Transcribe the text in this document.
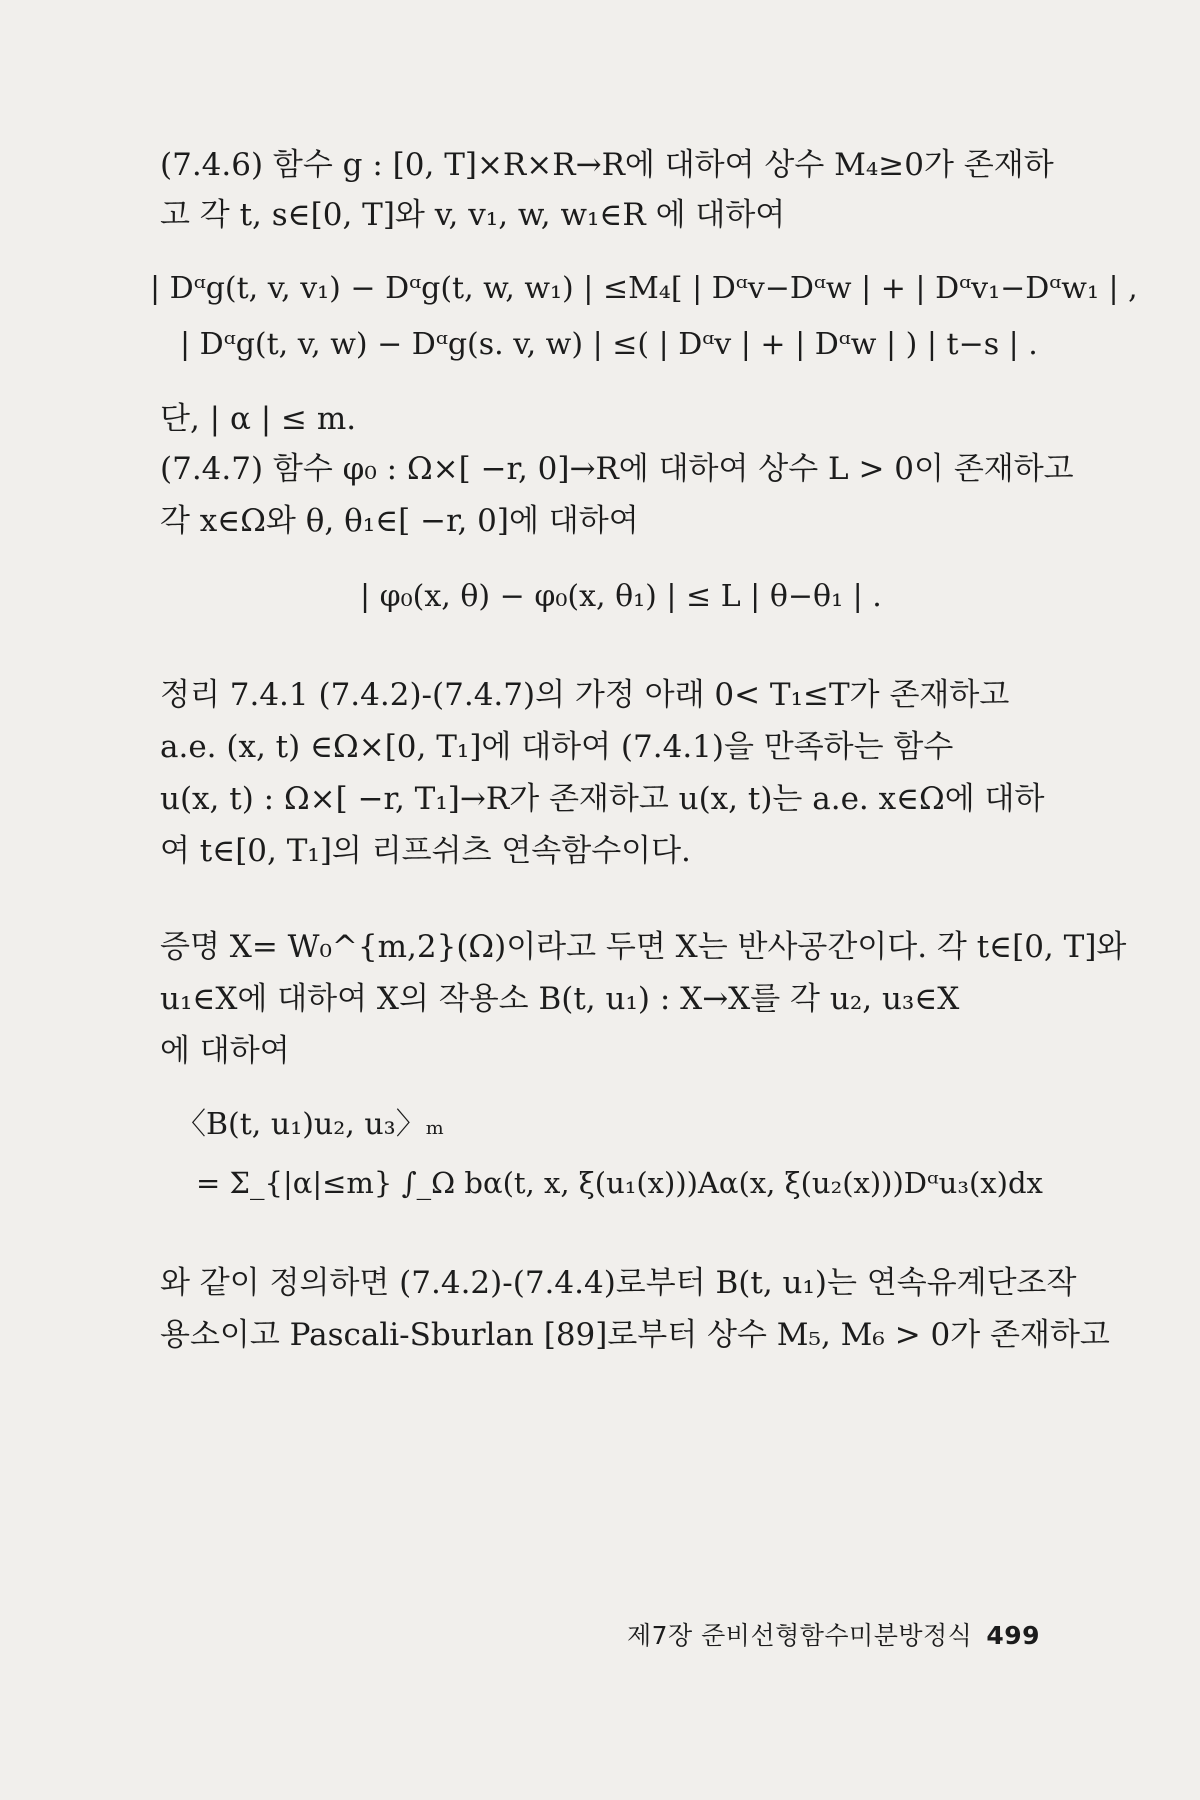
(7.4.6) 함수 g : [0, T]×R×R→R에 대하여 상수 M₄≥0가 존재하
고 각 t, s∈[0, T]와 v, v₁, w, w₁∈R 에 대하여
| Dᵅg(t, v, v₁) − Dᵅg(t, w, w₁) | ≤M₄[ | Dᵅv−Dᵅw | + | Dᵅv₁−Dᵅw₁ | ,
| Dᵅg(t, v, w) − Dᵅg(s. v, w) | ≤( | Dᵅv | + | Dᵅw | ) | t−s | .
단, | α | ≤ m.
(7.4.7) 함수 φ₀ : Ω×[ −r, 0]→R에 대하여 상수 L > 0이 존재하고
각 x∈Ω와 θ, θ₁∈[ −r, 0]에 대하여
| φ₀(x, θ) − φ₀(x, θ₁) | ≤ L | θ−θ₁ | .
정리 7.4.1 (7.4.2)-(7.4.7)의 가정 아래 0< T₁≤T가 존재하고
a.e. (x, t) ∈Ω×[0, T₁]에 대하여 (7.4.1)을 만족하는 함수
u(x, t) : Ω×[ −r, T₁]→R가 존재하고 u(x, t)는 a.e. x∈Ω에 대하
여 t∈[0, T₁]의 리프쉬츠 연속함수이다.
증명 X= W₀^{m,2}(Ω)이라고 두면 X는 반사공간이다. 각 t∈[0, T]와
u₁∈X에 대하여 X의 작용소 B(t, u₁) : X→X를 각 u₂, u₃∈X
에 대하여
〈B(t, u₁)u₂, u₃〉ₘ
= Σ_{|α|≤m} ∫_Ω bα(t, x, ξ(u₁(x)))Aα(x, ξ(u₂(x)))Dᵅu₃(x)dx
와 같이 정의하면 (7.4.2)-(7.4.4)로부터 B(t, u₁)는 연속유계단조작
용소이고 Pascali-Sburlan [89]로부터 상수 M₅, M₆ > 0가 존재하고
제7장 준비선형함수미분방정식 499
